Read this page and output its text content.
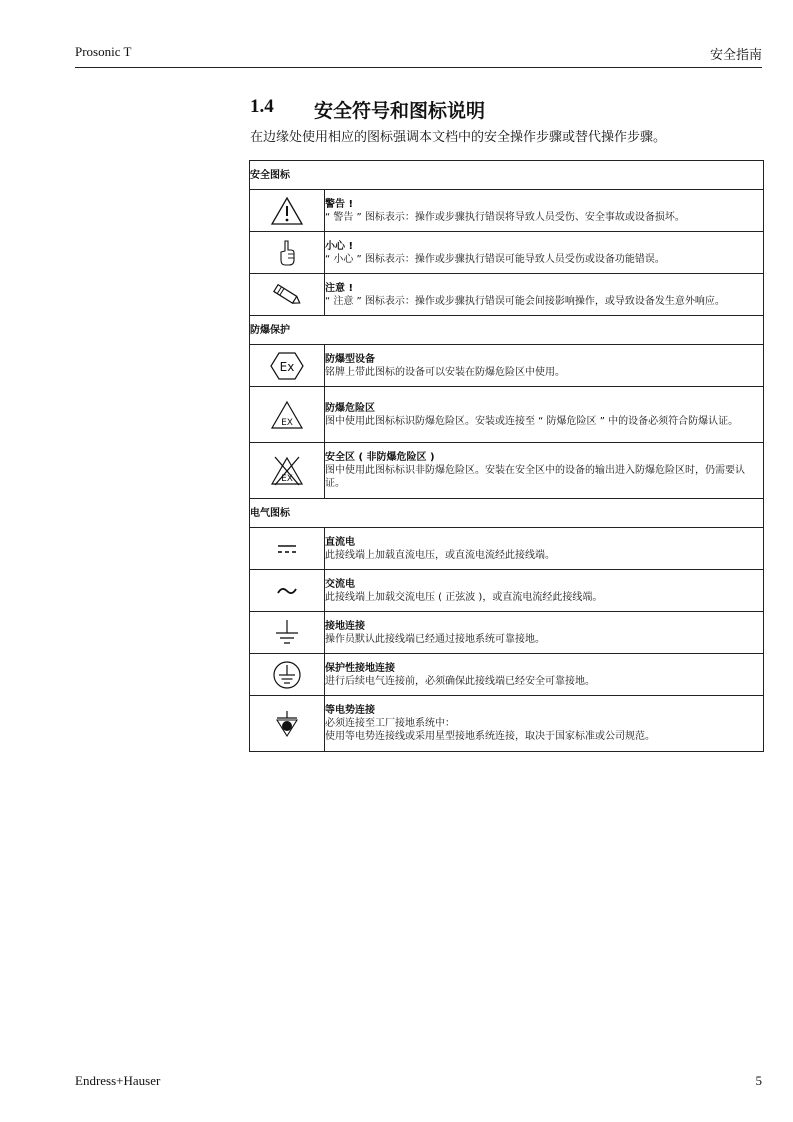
Prosonic T	安全指南
1.4 安全符号和图标说明
在边缘处使用相应的图标强调本文档中的安全操作步骤或替代操作步骤。
安全图标	

警告 !
“ 警告 ” 图标表示：操作或步骤执行错误将导致人员受伤、安全事故或设备损坏。

小心 !
“ 小心 ” 图标表示：操作或步骤执行错误可能导致人员受伤或设备功能错误。

注意 !
“ 注意 ” 图标表示：操作或步骤执行错误可能会间接影响操作，或导致设备发生意外响应。

防爆保护	

Ex	防爆型设备
铭牌上带此图标的设备可以安装在防爆危险区中使用。

EX	防爆危险区
图中使用此图标标识防爆危险区。安装或连接至 “ 防爆危险区 ” 中的设备必须符合防爆认证。

EX	安全区 ( 非防爆危险区 )
图中使用此图标标识非防爆危险区。安装在安全区中的设备的输出进入防爆危险区时，仍需要认证。

电气图标	

直流电
此接线端上加载直流电压，或直流电流经此接线端。

交流电
此接线端上加载交流电压 ( 正弦波 )，或直流电流经此接线端。

接地连接
操作员默认此接线端已经通过接地系统可靠接地。

保护性接地连接
进行后续电气连接前，必须确保此接线端已经安全可靠接地。

等电势连接
必须连接至工厂接地系统中：
使用等电势连接线或采用星型接地系统连接，取决于国家标准或公司规范。
Endress+Hauser	5
